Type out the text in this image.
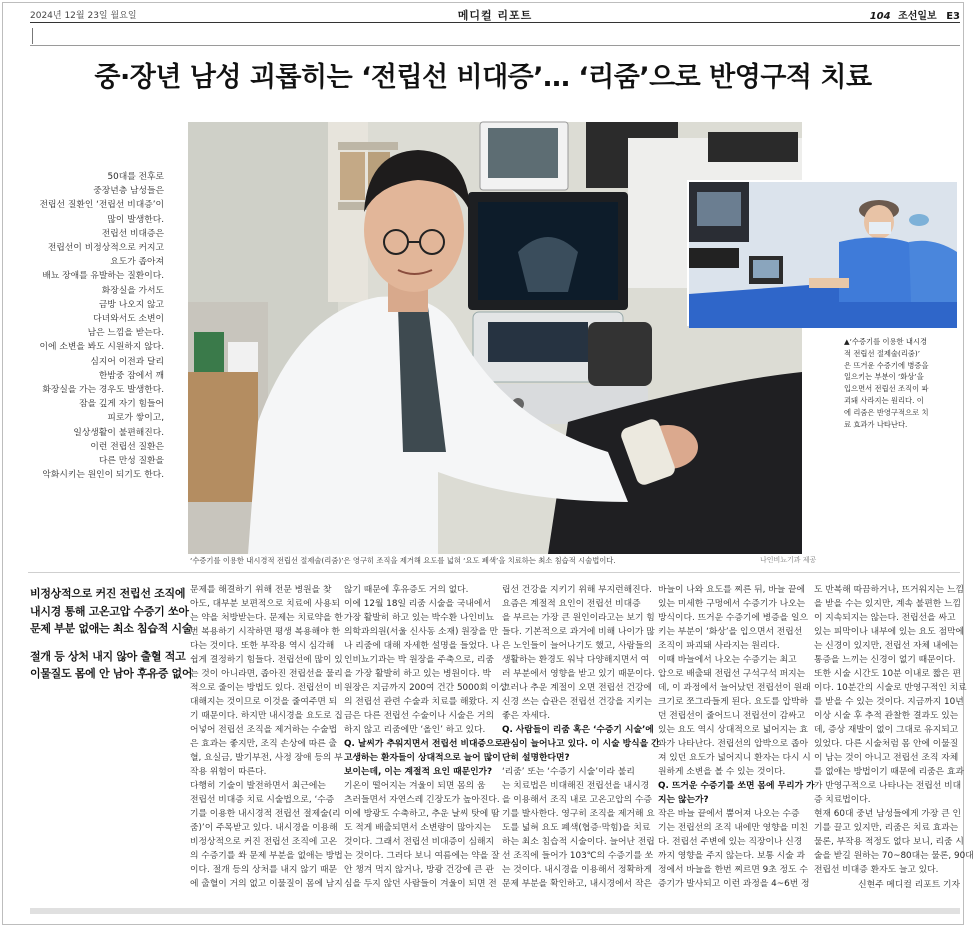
2024년 12월 23일 월요일	메디컬 리포트	104 조선일보 E3
중·장년 남성 괴롭히는 ‘전립선 비대증’… ‘리줌’으로 반영구적 치료
50대를 전후로
중장년층 남성들은
전립선 질환인 ‘전립선 비대증’이
많이 발생한다.
전립선 비대증은
전립선이 비정상적으로 커지고
요도가 좁아져
배뇨 장애를 유발하는 질환이다.
화장실을 가서도
금방 나오지 않고
다녀와서도 소변이
남은 느낌을 받는다.
이에 소변을 봐도 시원하지 않다.
심지어 이전과 달리
한밤중 잠에서 깨
화장실을 가는 경우도 발생한다.
잠을 깊게 자기 힘들어
피로가 쌓이고,
일상생활이 불편해진다.
이런 전립선 질환은
다른 만성 질환을
악화시키는 원인이 되기도 한다.
‘수증기를 이용한 내시경적 전립선 절제술(리줌)’은 영구히 조직을 제거해 요도를 넓혀 ‘요도 폐색’을 치료하는 최소 침습적 시술법이다.	나인비뇨기과 제공
▲‘수증기를 이용한 내시경
적 전립선 절제술(리줌)’
은 뜨거운 수증기에 병증을
일으키는 부분이 ‘화상’을
입으면서 전립선 조직이 파
괴돼 사라지는 원리다. 이
에 리줌은 반영구적으로 치
료 효과가 나타난다.
비정상적으로 커진 전립선 조직에
내시경 통해 고온고압 수증기 쏘아
문제 부분 없애는 최소 침습적 시술
절개 등 상처 내지 않아 출혈 적고
이물질도 몸에 안 남아 후유증 없어
문제를 해결하기 위해 전문 병원을 찾
아도, 대부분 보편적으로 치료에 사용되
는 약을 처방받는다. 문제는 치료약을 한
번 복용하기 시작하면 평생 복용해야 한
다는 것이다. 또한 부작용 역시 심각해
쉽게 결정하기 힘들다. 전립선에 많이 있
는 것이 아니라면, 좁아진 전립선을 물리
적으로 줄이는 방법도 있다. 전립선이 비
대해지는 것이므로 이것을 줄여주면 되
기 때문이다. 하지만 내시경을 요도로 집
어넣어 전립선 조직을 제거하는 수술법
은 효과는 좋지만, 조직 손상에 따른 출
혈, 요실금, 발기부전, 사정 장애 등의 부
작용 위험이 따른다.
다행히 기술이 발전하면서 최근에는
전립선 비대증 치료 시술법으로, ‘수증
기를 이용한 내시경적 전립선 절제술(리
줌)’이 주목받고 있다. 내시경을 이용해
비정상적으로 커진 전립선 조직에 고온
의 수증기를 쏴 문제 부분을 없애는 방법
이다. 절개 등의 상처를 내지 않기 때문
에 출혈이 거의 없고 이물질이 몸에 남지
않기 때문에 후유증도 거의 없다.
이에 12월 18일 리줌 시술을 국내에서
가장 활발히 하고 있는 박수환 나인비뇨
의학과의원(서울 신사동 소재) 원장을 만
나 리줌에 대해 자세한 설명을 들었다. 나
인비뇨기과는 박 원장을 주축으로, 리줌
을 가장 활발히 하고 있는 병원이다. 박
원장은 지금까지 200여 건간 5000회 이상
의 전립선 관련 수술과 치료를 해왔다. 지
금은 다른 전립선 수술이나 시술은 거의
하지 않고 리줌에만 ‘올인’ 하고 있다.
Q. 날씨가 추워지면서 전립선 비대증으로
고생하는 환자들이 상대적으로 늘어 많이
보이는데, 이는 계절적 요인 때문인가?
기온이 떨어지는 겨울이 되면 몸의 움
츠러들면서 자연스레 긴장도가 높아진다.
이에 방광도 수축하고, 추운 날씨 탓에 땀
도 적게 배출되면서 소변량이 많아지는
것이다. 그래서 전립선 비대증이 심해지
는 것이다. 그러다 보니 여름에는 약을 잘
안 챙겨 먹지 않거나, 방광 건강에 큰 관
심을 두지 않던 사람들이 겨울이 되면 전
립선 건강을 지키기 위해 부지런해진다.
요즘은 계절적 요인이 전립선 비대증
을 부르는 가장 큰 원인이라고는 보기 힘
들다. 기본적으로 과거에 비해 나이가 많
은 노인들이 늘어나기도 했고, 사람들의
생활하는 환경도 워낙 다양해지면서 여
러 부분에서 영향을 받고 있기 때문이다.
그러나 추운 계절이 오면 전립선 건강에
신경 쓰는 습관은 전립선 건강을 지키는
좋은 자세다.
Q. 사람들이 리줌 혹은 ‘수증기 시술’에
관심이 늘어나고 있다. 이 시술 방식을 간
단히 설명한다면?
‘리줌’ 또는 ‘수증기 시술’이라 불리
는 치료법은 비대해진 전립선을 내시경
을 이용해서 조직 내로 고온고압의 수증
기를 발사한다. 영구히 조직을 제거해 요
도를 넓혀 요도 폐색(협증·막힘)을 치료
하는 최소 침습적 시술이다. 늘어난 전립
선 조직에 들어가 103℃의 수증기를 쏘
는 것이다. 내시경을 이용해서 정확하게
문제 부분을 확인하고, 내시경에서 작은
바늘이 나와 요도를 찌른 뒤, 바늘 끝에
있는 미세한 구멍에서 수증기가 나오는
방식이다. 뜨거운 수증기에 병증을 일으
키는 부분이 ‘화상’을 입으면서 전립선
조직이 파괴돼 사라지는 원리다.
이때 바늘에서 나오는 수증기는 최고
압으로 배출돼 전립선 구석구석 퍼지는
데, 이 과정에서 늘어났던 전립선이 원래
크기로 쪼그라들게 된다. 요도를 압박하
던 전립선이 줄어드니 전립선이 감싸고
있는 요도 역시 상대적으로 넓어지는 효
과가 나타난다. 전립선의 압박으로 좁아
져 있던 요도가 넓어지니 환자는 다시 시
원하게 소변을 볼 수 있는 것이다.
Q. 뜨거운 수증기를 쏘면 몸에 무리가 가
지는 않는가?
작은 바늘 끝에서 뿜어져 나오는 수증
기는 전립선의 조직 내에만 영향을 미친
다. 전립선 주변에 있는 직장이나 신경
까지 영향을 주지 않는다. 보통 시술 과
정에서 바늘을 한번 찌르면 9초 정도 수
증기가 발사되고 이런 과정을 4~6번 정
도 반복해 따끔하거나, 뜨거워지는 느낌
을 받을 수는 있지만, 계속 불편한 느낌
이 지속되지는 않는다. 전립선을 싸고
있는 피막이나 내부에 있는 요도 점막에
는 신경이 있지만, 전립선 자체 내에는
통증을 느끼는 신경이 없기 때문이다.
또한 시술 시간도 10분 이내로 짧은 편
이다. 10분간의 시술로 반영구적인 치료
를 받을 수 있는 것이다. 지금까지 10년
이상 시술 후 추적 관찰한 결과도 있는
데, 증상 재발이 없이 그대로 유지되고
있었다. 다른 시술처럼 몸 안에 이물질
이 남는 것이 아니고 전립선 조직 자체
를 없애는 방법이기 때문에 리줌은 효과
가 반영구적으로 나타나는 전립선 비대
증 치료법이다.
현재 60대 중년 남성들에게 가장 큰 인
기를 끌고 있지만, 리줌은 치료 효과는
물론, 부작용 적정도 없다 보니, 리줌 시
술을 받길 원하는 70~80대는 물론, 90대
전립선 비대증 환자도 늘고 있다.
신현주 메디컬 리포트 기자
